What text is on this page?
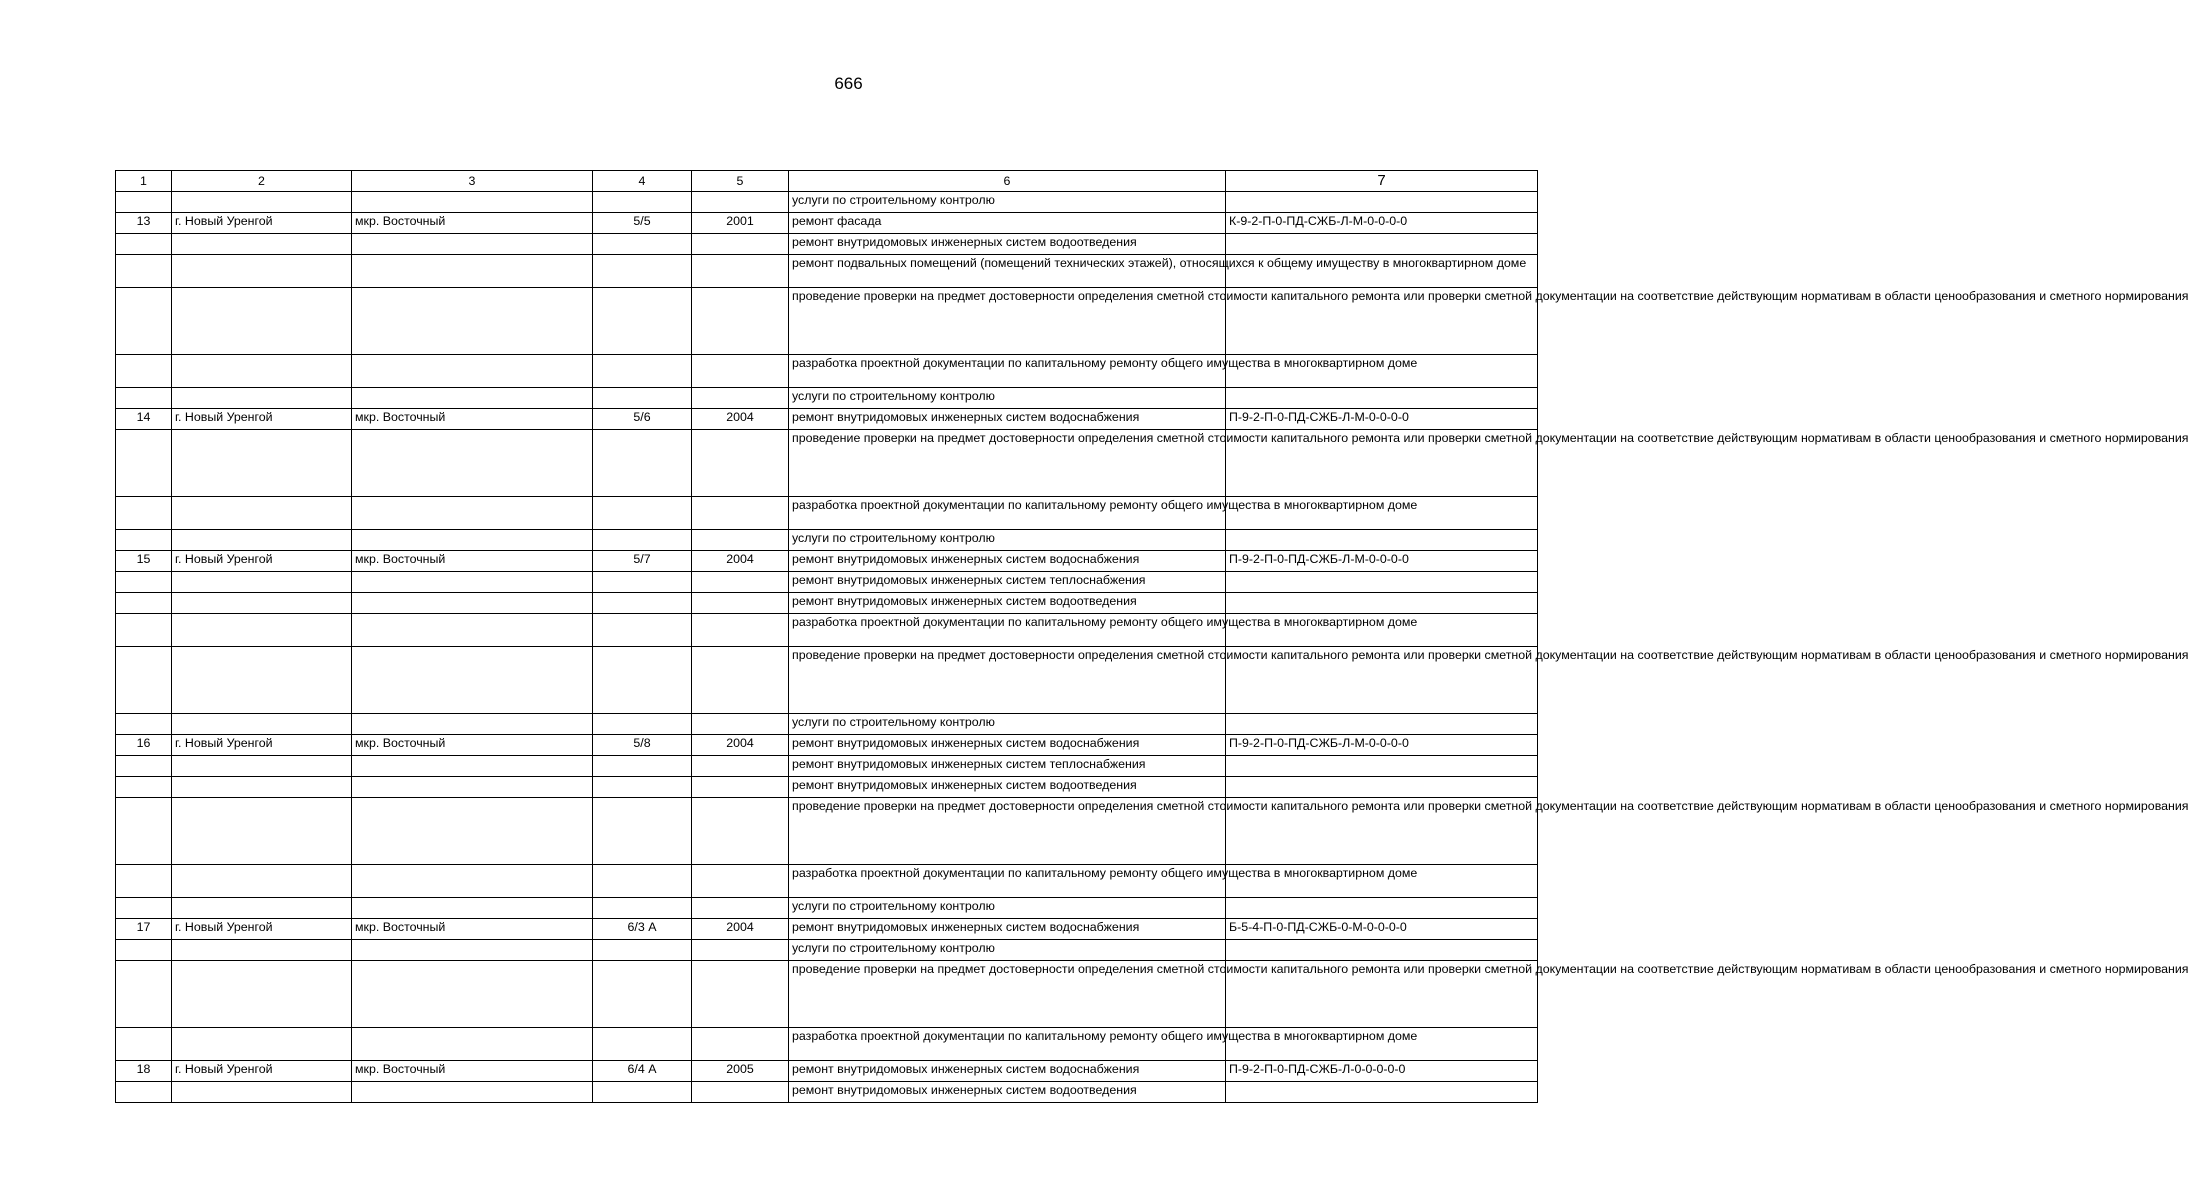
666
1	2	3	4	5	6	7

					услуги по строительному контролю	

13	г. Новый Уренгой	мкр. Восточный	5/5	2001	ремонт фасада	К-9-2-П-0-ПД-СЖБ-Л-М-0-0-0-0

					ремонт внутридомовых инженерных систем водоотведения	

					ремонт подвальных помещений (помещений технических этажей), относящихся к общему имуществу в многоквартирном доме	

					проведение проверки на предмет достоверности определения сметной стоимости капитального ремонта или проверки сметной документации на соответствие действующим нормативам в области ценообразования и сметного нормирования	

					разработка проектной документации по капитальному ремонту общего имущества в многоквартирном доме	

					услуги по строительному контролю	

14	г. Новый Уренгой	мкр. Восточный	5/6	2004	ремонт внутридомовых инженерных систем водоснабжения	П-9-2-П-0-ПД-СЖБ-Л-М-0-0-0-0

					проведение проверки на предмет достоверности определения сметной стоимости капитального ремонта или проверки сметной документации на соответствие действующим нормативам в области ценообразования и сметного нормирования	

					разработка проектной документации по капитальному ремонту общего имущества в многоквартирном доме	

					услуги по строительному контролю	

15	г. Новый Уренгой	мкр. Восточный	5/7	2004	ремонт внутридомовых инженерных систем водоснабжения	П-9-2-П-0-ПД-СЖБ-Л-М-0-0-0-0

					ремонт внутридомовых инженерных систем теплоснабжения	

					ремонт внутридомовых инженерных систем водоотведения	

					разработка проектной документации по капитальному ремонту общего имущества в многоквартирном доме	

					проведение проверки на предмет достоверности определения сметной стоимости капитального ремонта или проверки сметной документации на соответствие действующим нормативам в области ценообразования и сметного нормирования	

					услуги по строительному контролю	

16	г. Новый Уренгой	мкр. Восточный	5/8	2004	ремонт внутридомовых инженерных систем водоснабжения	П-9-2-П-0-ПД-СЖБ-Л-М-0-0-0-0

					ремонт внутридомовых инженерных систем теплоснабжения	

					ремонт внутридомовых инженерных систем водоотведения	

					проведение проверки на предмет достоверности определения сметной стоимости капитального ремонта или проверки сметной документации на соответствие действующим нормативам в области ценообразования и сметного нормирования	

					разработка проектной документации по капитальному ремонту общего имущества в многоквартирном доме	

					услуги по строительному контролю	

17	г. Новый Уренгой	мкр. Восточный	6/3 А	2004	ремонт внутридомовых инженерных систем водоснабжения	Б-5-4-П-0-ПД-СЖБ-0-М-0-0-0-0

					услуги по строительному контролю	

					проведение проверки на предмет достоверности определения сметной стоимости капитального ремонта или проверки сметной документации на соответствие действующим нормативам в области ценообразования и сметного нормирования	

					разработка проектной документации по капитальному ремонту общего имущества в многоквартирном доме	

18	г. Новый Уренгой	мкр. Восточный	6/4 А	2005	ремонт внутридомовых инженерных систем водоснабжения	П-9-2-П-0-ПД-СЖБ-Л-0-0-0-0-0

					ремонт внутридомовых инженерных систем водоотведения	
